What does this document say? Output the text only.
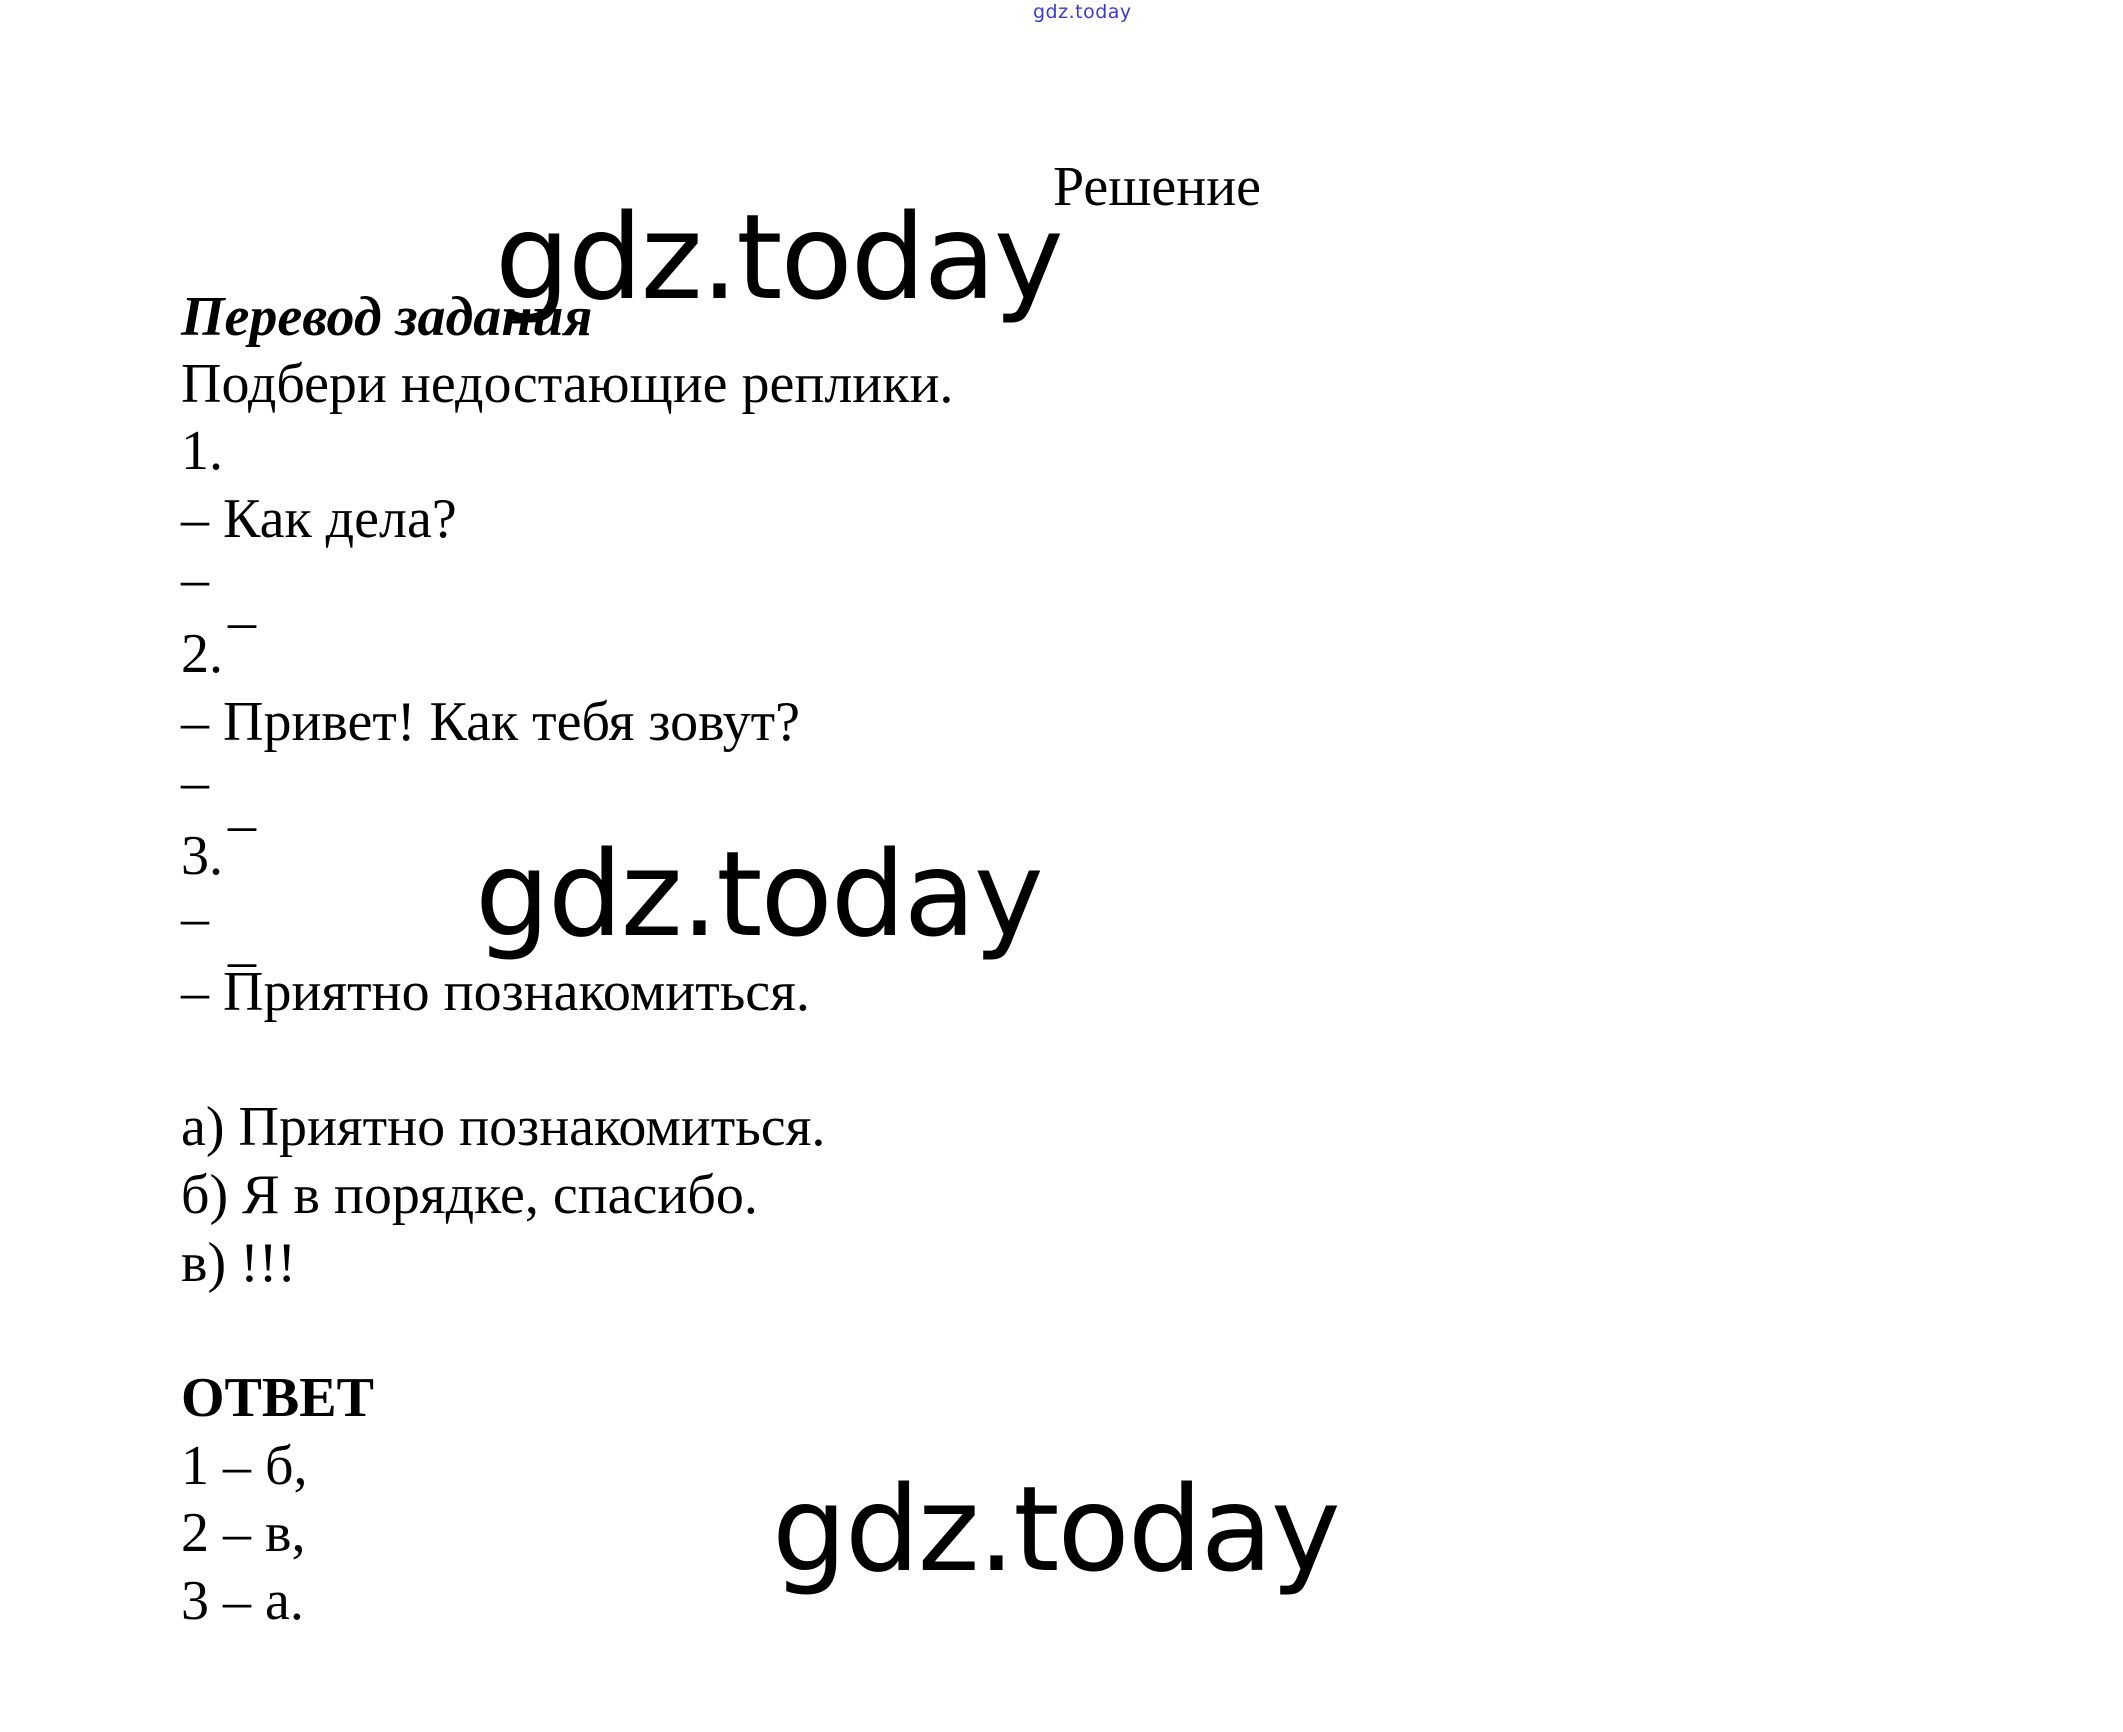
gdz.today
Решение
gdz.today
gdz.today
gdz.today
Перевод задания
Подбери недостающие реплики.
1.
– Как дела?
– _
2.
– Привет! Как тебя зовут?
– _
3.
– _
– Приятно познакомиться.
а) Приятно познакомиться.
б) Я в порядке, спасибо.
в) !!!
ОТВЕТ
1 – б,
2 – в,
3 – а.
